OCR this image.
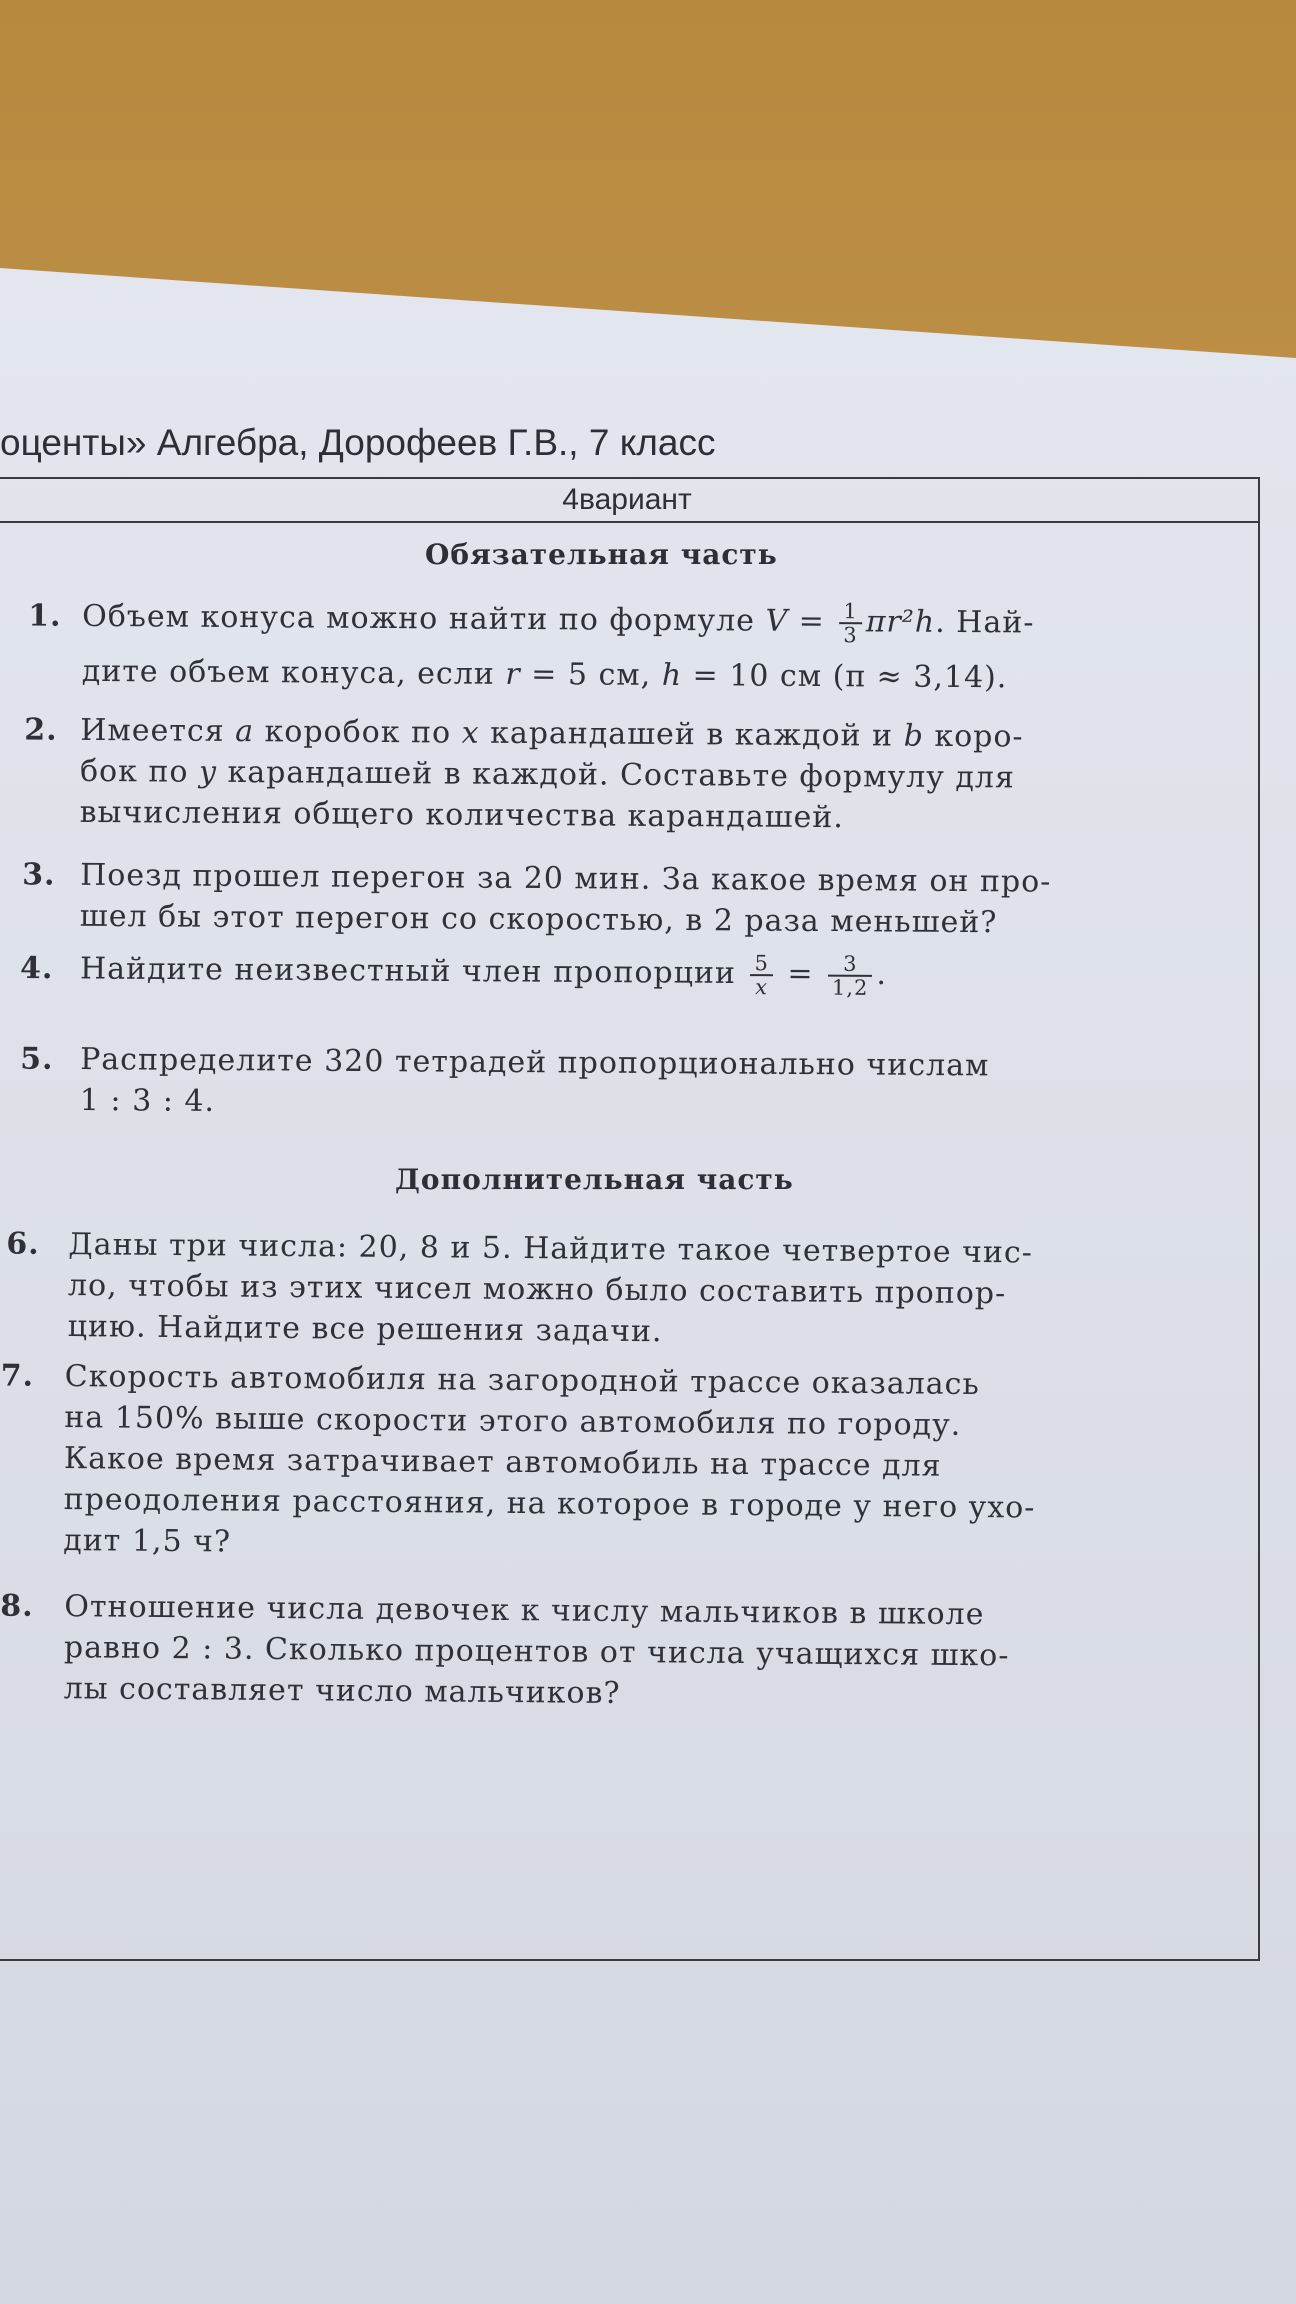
оценты» Алгебра, Дорофеев Г.В., 7 класс
4вариант
Обязательная часть
1. Объем конуса можно найти по формуле $V = \frac{1}{3} \pi r^2h$. Най-
дите объем конуса, если r = 5 см, h = 10 см (π ≈ 3,14).
2. Имеется a коробок по x карандашей в каждой и b коро-
бок по y карандашей в каждой. Составьте формулу для
вычисления общего количества карандашей.
3. Поезд прошел перегон за 20 мин. За какое время он про-
шел бы этот перегон со скоростью, в 2 раза меньшей?
4. Найдите неизвестный член пропорции $\frac{5}{x} = \frac{3}{1,2}$ .
5. Распределите 320 тетрадей пропорционально числам
1 : 3 : 4.
Дополнительная часть
6. Даны три числа: 20, 8 и 5. Найдите такое четвертое чис-
ло, чтобы из этих чисел можно было составить пропор-
цию. Найдите все решения задачи.
7. Скорость автомобиля на загородной трассе оказалась
на 150% выше скорости этого автомобиля по городу.
Какое время затрачивает автомобиль на трассе для
преодоления расстояния, на которое в городе у него ухо-
дит 1,5 ч?
8. Отношение числа девочек к числу мальчиков в школе
равно 2 : 3. Сколько процентов от числа учащихся шко-
лы составляет число мальчиков?
